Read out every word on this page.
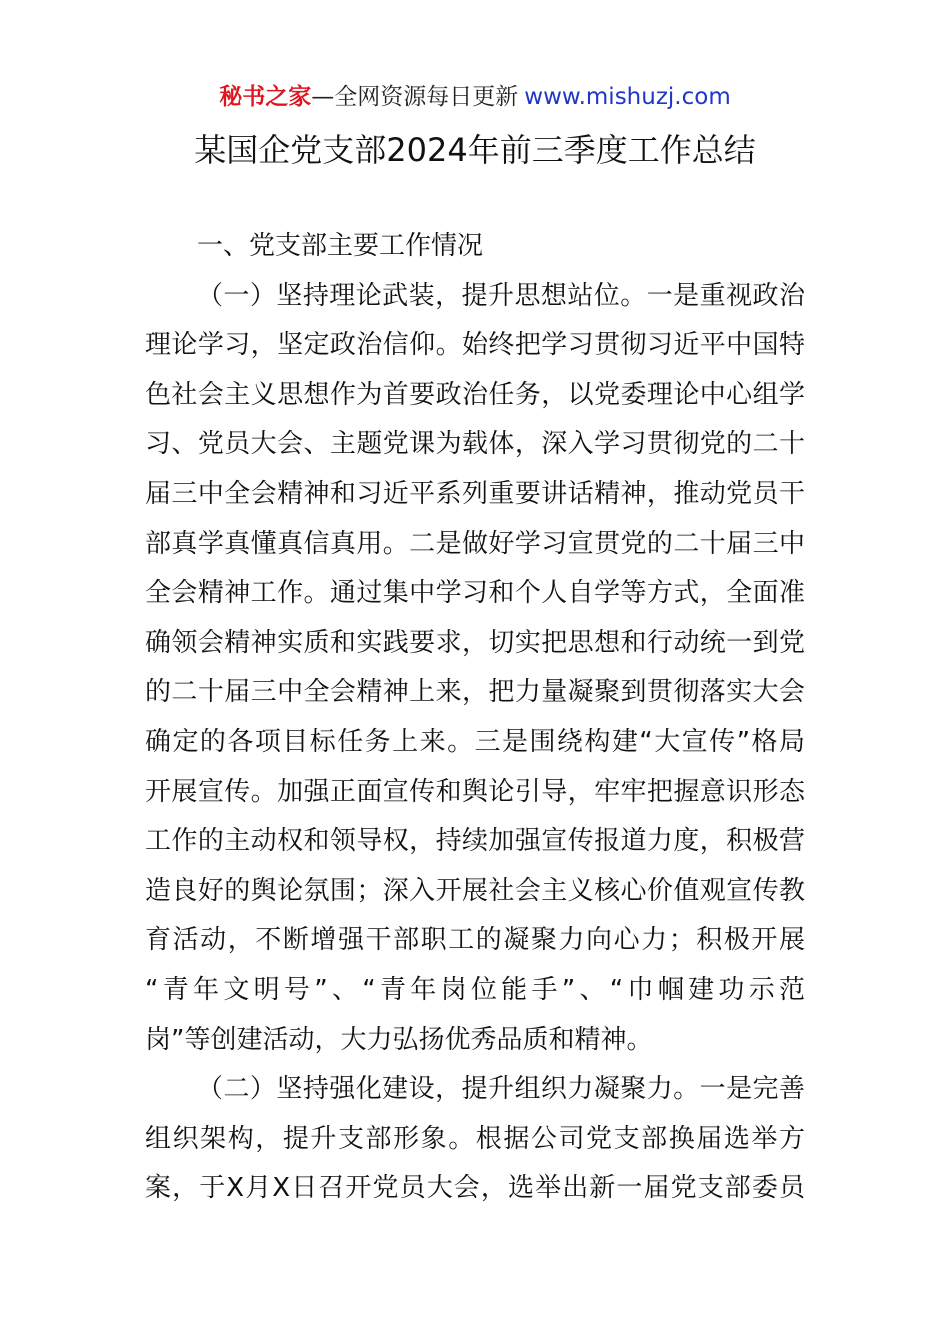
秘书之家—全网资源每日更新 www.mishuzj.com
某国企党支部2024年前三季度工作总结
一、党支部主要工作情况
（一）坚持理论武装，提升思想站位。一是重视政治
理论学习，坚定政治信仰。始终把学习贯彻习近平中国特
色社会主义思想作为首要政治任务，以党委理论中心组学
习、党员大会、主题党课为载体，深入学习贯彻党的二十
届三中全会精神和习近平系列重要讲话精神，推动党员干
部真学真懂真信真用。二是做好学习宣贯党的二十届三中
全会精神工作。通过集中学习和个人自学等方式，全面准
确领会精神实质和实践要求，切实把思想和行动统一到党
的二十届三中全会精神上来，把力量凝聚到贯彻落实大会
确定的各项目标任务上来。三是围绕构建“大宣传”格局
开展宣传。加强正面宣传和舆论引导，牢牢把握意识形态
工作的主动权和领导权，持续加强宣传报道力度，积极营
造良好的舆论氛围；深入开展社会主义核心价值观宣传教
育活动，不断增强干部职工的凝聚力向心力；积极开展
“青年文明号”、“青年岗位能手”、“巾帼建功示范
岗”等创建活动，大力弘扬优秀品质和精神。
（二）坚持强化建设，提升组织力凝聚力。一是完善
组织架构，提升支部形象。根据公司党支部换届选举方
案，于X月X日召开党员大会，选举出新一届党支部委员
